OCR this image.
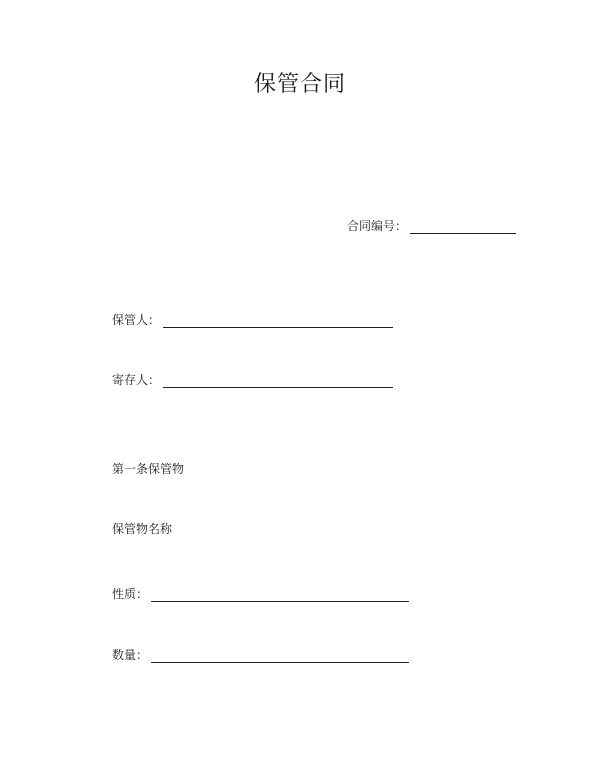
保管合同
合同编号：
保管人：
寄存人：
第一条保管物
保管物名称
性质：
数量：
